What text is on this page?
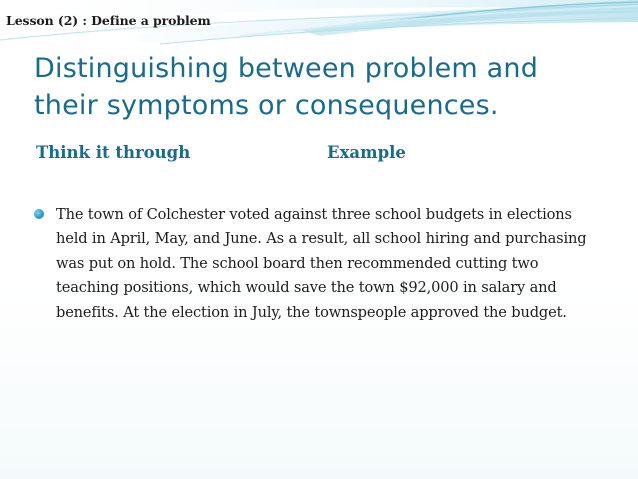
Lesson (2) : Define a problem
Distinguishing between problem and
their symptoms or consequences.
Think it through	Example
The town of Colchester voted against three school budgets in elections held in April, May, and June. As a result, all school hiring and purchasing was put on hold. The school board then recommended cutting two teaching positions, which would save the town $92,000 in salary and benefits. At the election in July, the townspeople approved the budget.
